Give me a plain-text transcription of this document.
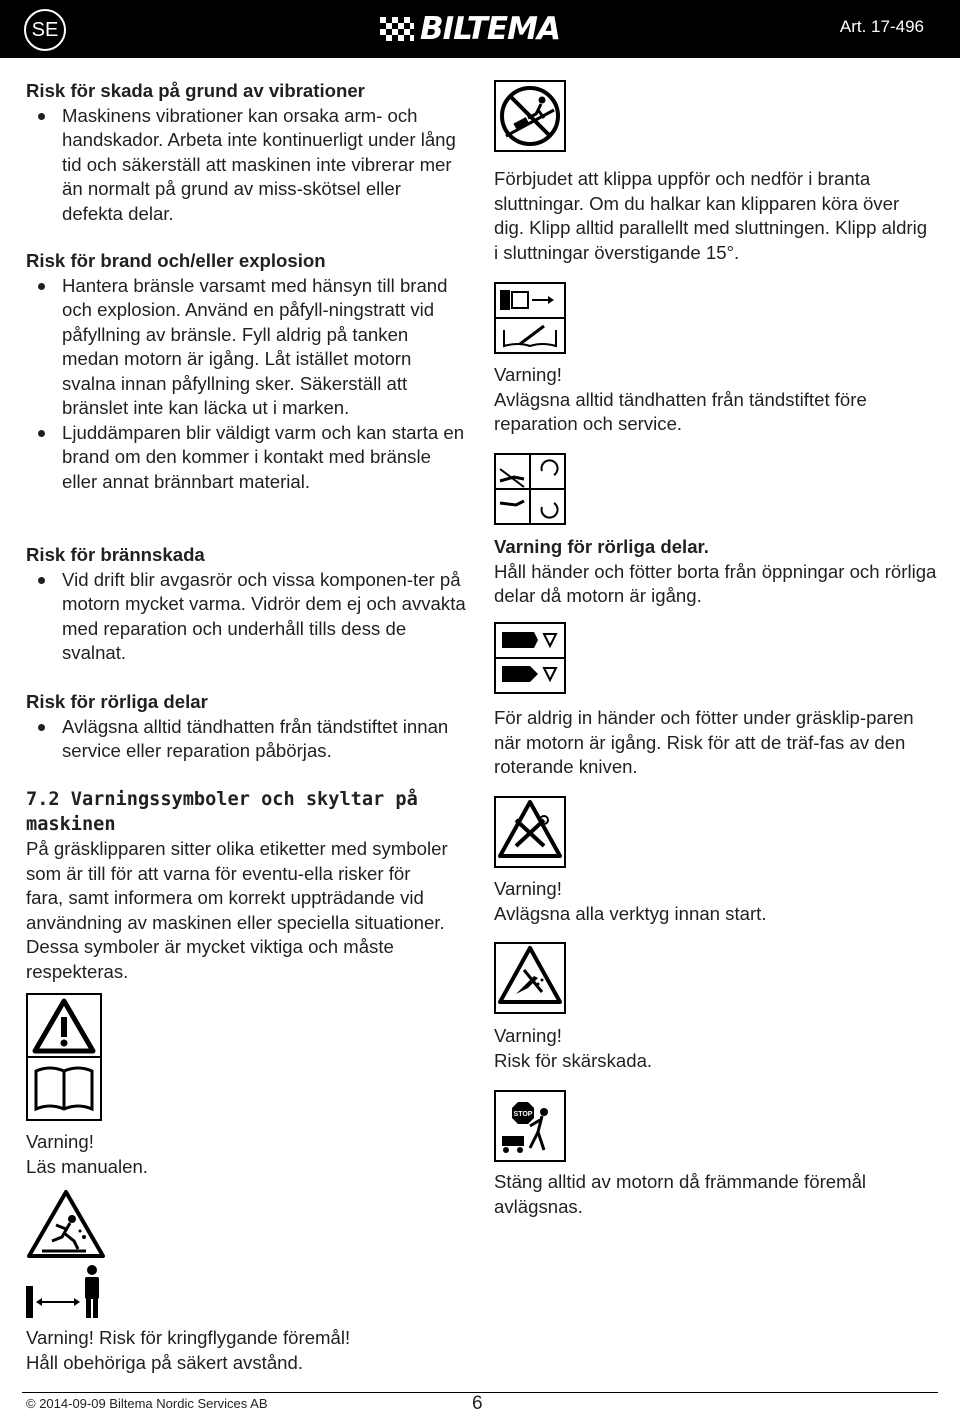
SE	BILTEMA	Art. 17-496
Risk för skada på grund av vibrationer
Maskinens vibrationer kan orsaka arm- och handskador. Arbeta inte kontinuerligt under lång tid och säkerställ att maskinen inte vibrerar mer än normalt på grund av miss-skötsel eller defekta delar.
Risk för brand och/eller explosion
Hantera bränsle varsamt med hänsyn till brand och explosion. Använd en påfyll-ningstratt vid påfyllning av bränsle. Fyll aldrig på tanken medan motorn är igång. Låt istället motorn svalna innan påfyllning sker. Säkerställ att bränslet inte kan läcka ut i marken.
Ljuddämparen blir väldigt varm och kan starta en brand om den kommer i kontakt med bränsle eller annat brännbart material.
Risk för brännskada
Vid drift blir avgasrör och vissa komponen-ter på motorn mycket varma. Vidrör dem ej och avvakta med reparation och underhåll tills dess de svalnat.
Risk för rörliga delar
Avlägsna alltid tändhatten från tändstiftet innan service eller reparation påbörjas.
7.2 Varningssymboler och skyltar på maskinen
På gräsklipparen sitter olika etiketter med symboler som är till för att varna för eventu-ella risker för fara, samt informera om korrekt uppträdande vid användning av maskinen eller speciella situationer. Dessa symboler är mycket viktiga och måste respekteras.
Varning!
Läs manualen.
Varning! Risk för kringflygande föremål!
Håll obehöriga på säkert avstånd.
Förbjudet att klippa uppför och nedför i branta sluttningar. Om du halkar kan klipparen köra över dig. Klipp alltid parallellt med sluttningen. Klipp aldrig i sluttningar överstigande 15°.
Varning!
Avlägsna alltid tändhatten från tändstiftet före reparation och service.
Varning för rörliga delar.
Håll händer och fötter borta från öppningar och rörliga delar då motorn är igång.
För aldrig in händer och fötter under gräsklip-paren när motorn är igång. Risk för att de träf-fas av den roterande kniven.
Varning!
Avlägsna alla verktyg innan start.
Varning!
Risk för skärskada.
STOP
Stäng alltid av motorn då främmande föremål avlägsnas.
© 2014-09-09 Biltema Nordic Services AB	6
